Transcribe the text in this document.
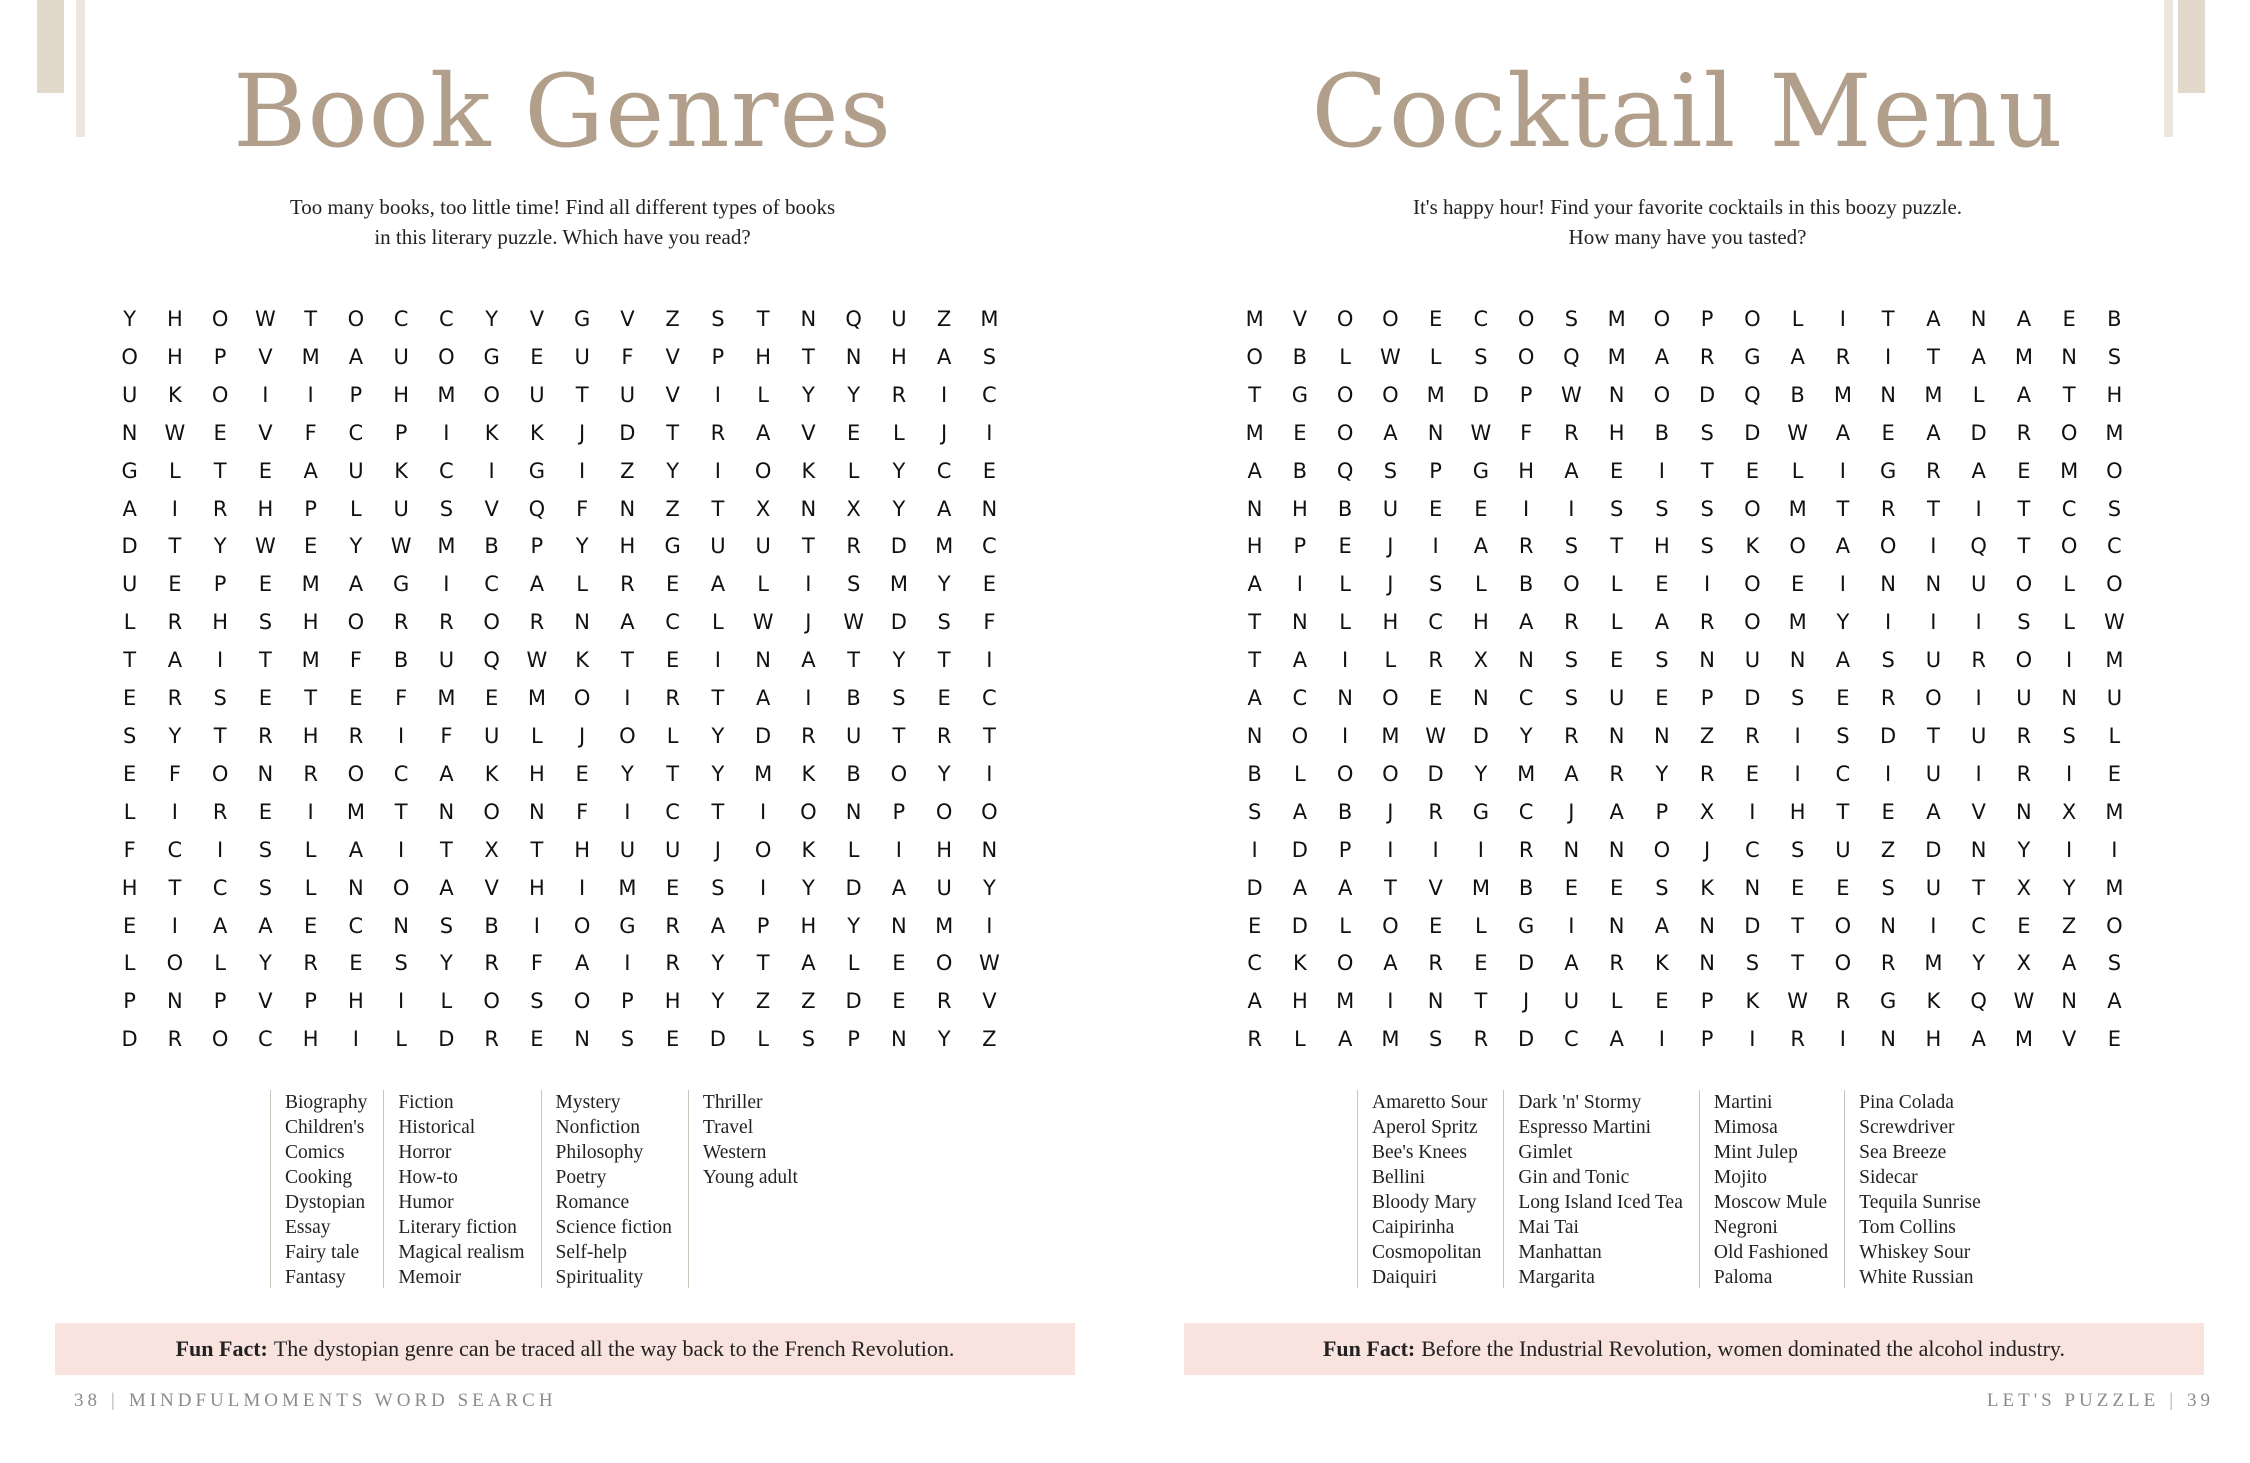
Book Genres
Too many books, too little time! Find all different types of books
in this literary puzzle. Which have you read?
Y	H	O	W	T	O	C	C	Y	V	G	V	Z	S	T	N	Q	U	Z	M
O	H	P	V	M	A	U	O	G	E	U	F	V	P	H	T	N	H	A	S
U	K	O	I	I	P	H	M	O	U	T	U	V	I	L	Y	Y	R	I	C
N	W	E	V	F	C	P	I	K	K	J	D	T	R	A	V	E	L	J	I
G	L	T	E	A	U	K	C	I	G	I	Z	Y	I	O	K	L	Y	C	E
A	I	R	H	P	L	U	S	V	Q	F	N	Z	T	X	N	X	Y	A	N
D	T	Y	W	E	Y	W	M	B	P	Y	H	G	U	U	T	R	D	M	C
U	E	P	E	M	A	G	I	C	A	L	R	E	A	L	I	S	M	Y	E
L	R	H	S	H	O	R	R	O	R	N	A	C	L	W	J	W	D	S	F
T	A	I	T	M	F	B	U	Q	W	K	T	E	I	N	A	T	Y	T	I
E	R	S	E	T	E	F	M	E	M	O	I	R	T	A	I	B	S	E	C
S	Y	T	R	H	R	I	F	U	L	J	O	L	Y	D	R	U	T	R	T
E	F	O	N	R	O	C	A	K	H	E	Y	T	Y	M	K	B	O	Y	I
L	I	R	E	I	M	T	N	O	N	F	I	C	T	I	O	N	P	O	O
F	C	I	S	L	A	I	T	X	T	H	U	U	J	O	K	L	I	H	N
H	T	C	S	L	N	O	A	V	H	I	M	E	S	I	Y	D	A	U	Y
E	I	A	A	E	C	N	S	B	I	O	G	R	A	P	H	Y	N	M	I
L	O	L	Y	R	E	S	Y	R	F	A	I	R	Y	T	A	L	E	O	W
P	N	P	V	P	H	I	L	O	S	O	P	H	Y	Z	Z	D	E	R	V
D	R	O	C	H	I	L	D	R	E	N	S	E	D	L	S	P	N	Y	Z
Biography
Children's
Comics
Cooking
Dystopian
Essay
Fairy tale
Fantasy
Fiction
Historical
Horror
How-to
Humor
Literary fiction
Magical realism
Memoir
Mystery
Nonfiction
Philosophy
Poetry
Romance
Science fiction
Self-help
Spirituality
Thriller
Travel
Western
Young adult
Fun Fact: The dystopian genre can be traced all the way back to the French Revolution.
38 | MINDFULMOMENTS WORD SEARCH
Cocktail Menu
It's happy hour! Find your favorite cocktails in this boozy puzzle.
How many have you tasted?
M	V	O	O	E	C	O	S	M	O	P	O	L	I	T	A	N	A	E	B
O	B	L	W	L	S	O	Q	M	A	R	G	A	R	I	T	A	M	N	S
T	G	O	O	M	D	P	W	N	O	D	Q	B	M	N	M	L	A	T	H
M	E	O	A	N	W	F	R	H	B	S	D	W	A	E	A	D	R	O	M
A	B	Q	S	P	G	H	A	E	I	T	E	L	I	G	R	A	E	M	O
N	H	B	U	E	E	I	I	S	S	S	O	M	T	R	T	I	T	C	S
H	P	E	J	I	A	R	S	T	H	S	K	O	A	O	I	Q	T	O	C
A	I	L	J	S	L	B	O	L	E	I	O	E	I	N	N	U	O	L	O
T	N	L	H	C	H	A	R	L	A	R	O	M	Y	I	I	I	S	L	W
T	A	I	L	R	X	N	S	E	S	N	U	N	A	S	U	R	O	I	M
A	C	N	O	E	N	C	S	U	E	P	D	S	E	R	O	I	U	N	U
N	O	I	M	W	D	Y	R	N	N	Z	R	I	S	D	T	U	R	S	L
B	L	O	O	D	Y	M	A	R	Y	R	E	I	C	I	U	I	R	I	E
S	A	B	J	R	G	C	J	A	P	X	I	H	T	E	A	V	N	X	M
I	D	P	I	I	I	R	N	N	O	J	C	S	U	Z	D	N	Y	I	I
D	A	A	T	V	M	B	E	E	S	K	N	E	E	S	U	T	X	Y	M
E	D	L	O	E	L	G	I	N	A	N	D	T	O	N	I	C	E	Z	O
C	K	O	A	R	E	D	A	R	K	N	S	T	O	R	M	Y	X	A	S
A	H	M	I	N	T	J	U	L	E	P	K	W	R	G	K	Q	W	N	A
R	L	A	M	S	R	D	C	A	I	P	I	R	I	N	H	A	M	V	E
Amaretto Sour
Aperol Spritz
Bee's Knees
Bellini
Bloody Mary
Caipirinha
Cosmopolitan
Daiquiri
Dark 'n' Stormy
Espresso Martini
Gimlet
Gin and Tonic
Long Island Iced Tea
Mai Tai
Manhattan
Margarita
Martini
Mimosa
Mint Julep
Mojito
Moscow Mule
Negroni
Old Fashioned
Paloma
Pina Colada
Screwdriver
Sea Breeze
Sidecar
Tequila Sunrise
Tom Collins
Whiskey Sour
White Russian
Fun Fact: Before the Industrial Revolution, women dominated the alcohol industry.
LET'S PUZZLE | 39
